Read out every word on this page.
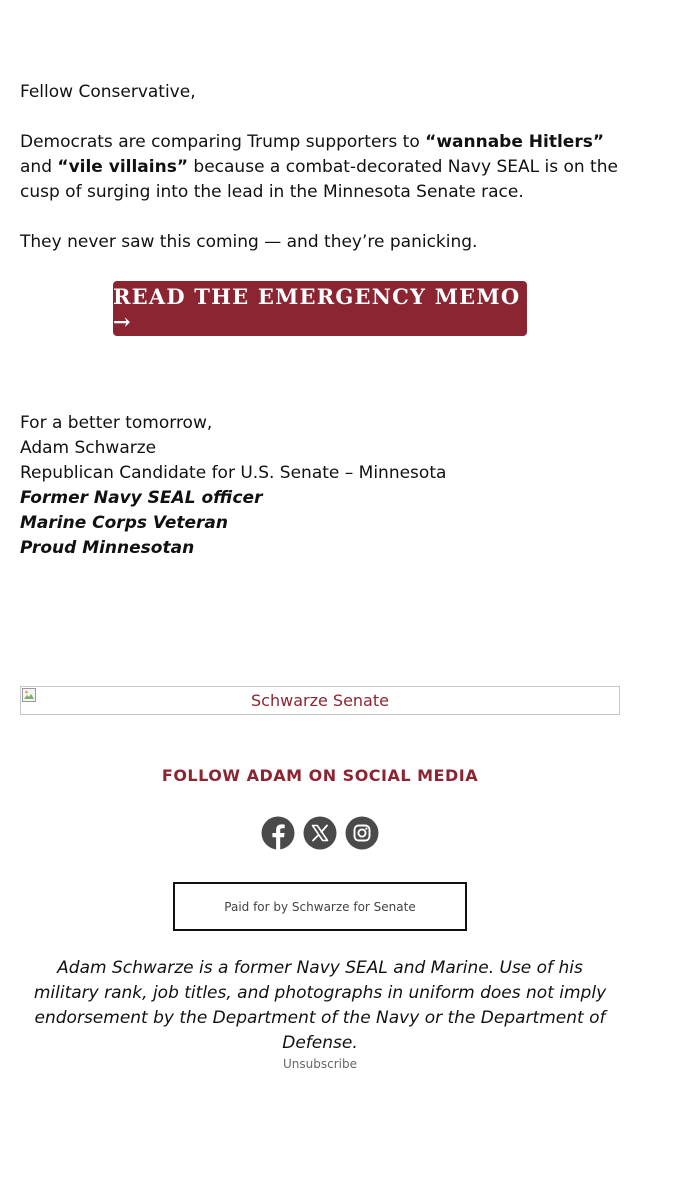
Fellow Conservative,

Democrats are comparing Trump supporters to “wannabe Hitlers” and “vile villains” because a combat-decorated Navy SEAL is on the cusp of surging into the lead in the Minnesota Senate race.

They never saw this coming — and they’re panicking.

READ THE EMERGENCY MEMO →
For a better tomorrow,
Adam Schwarze
Republican Candidate for U.S. Senate – Minnesota
Former Navy SEAL officer
Marine Corps Veteran
Proud Minnesotan
Schwarze Senate
FOLLOW ADAM ON SOCIAL MEDIA
Paid for by Schwarze for Senate
Adam Schwarze is a former Navy SEAL and Marine. Use of his military rank, job titles, and photographs in uniform does not imply endorsement by the Department of the Navy or the Department of Defense.
Unsubscribe
